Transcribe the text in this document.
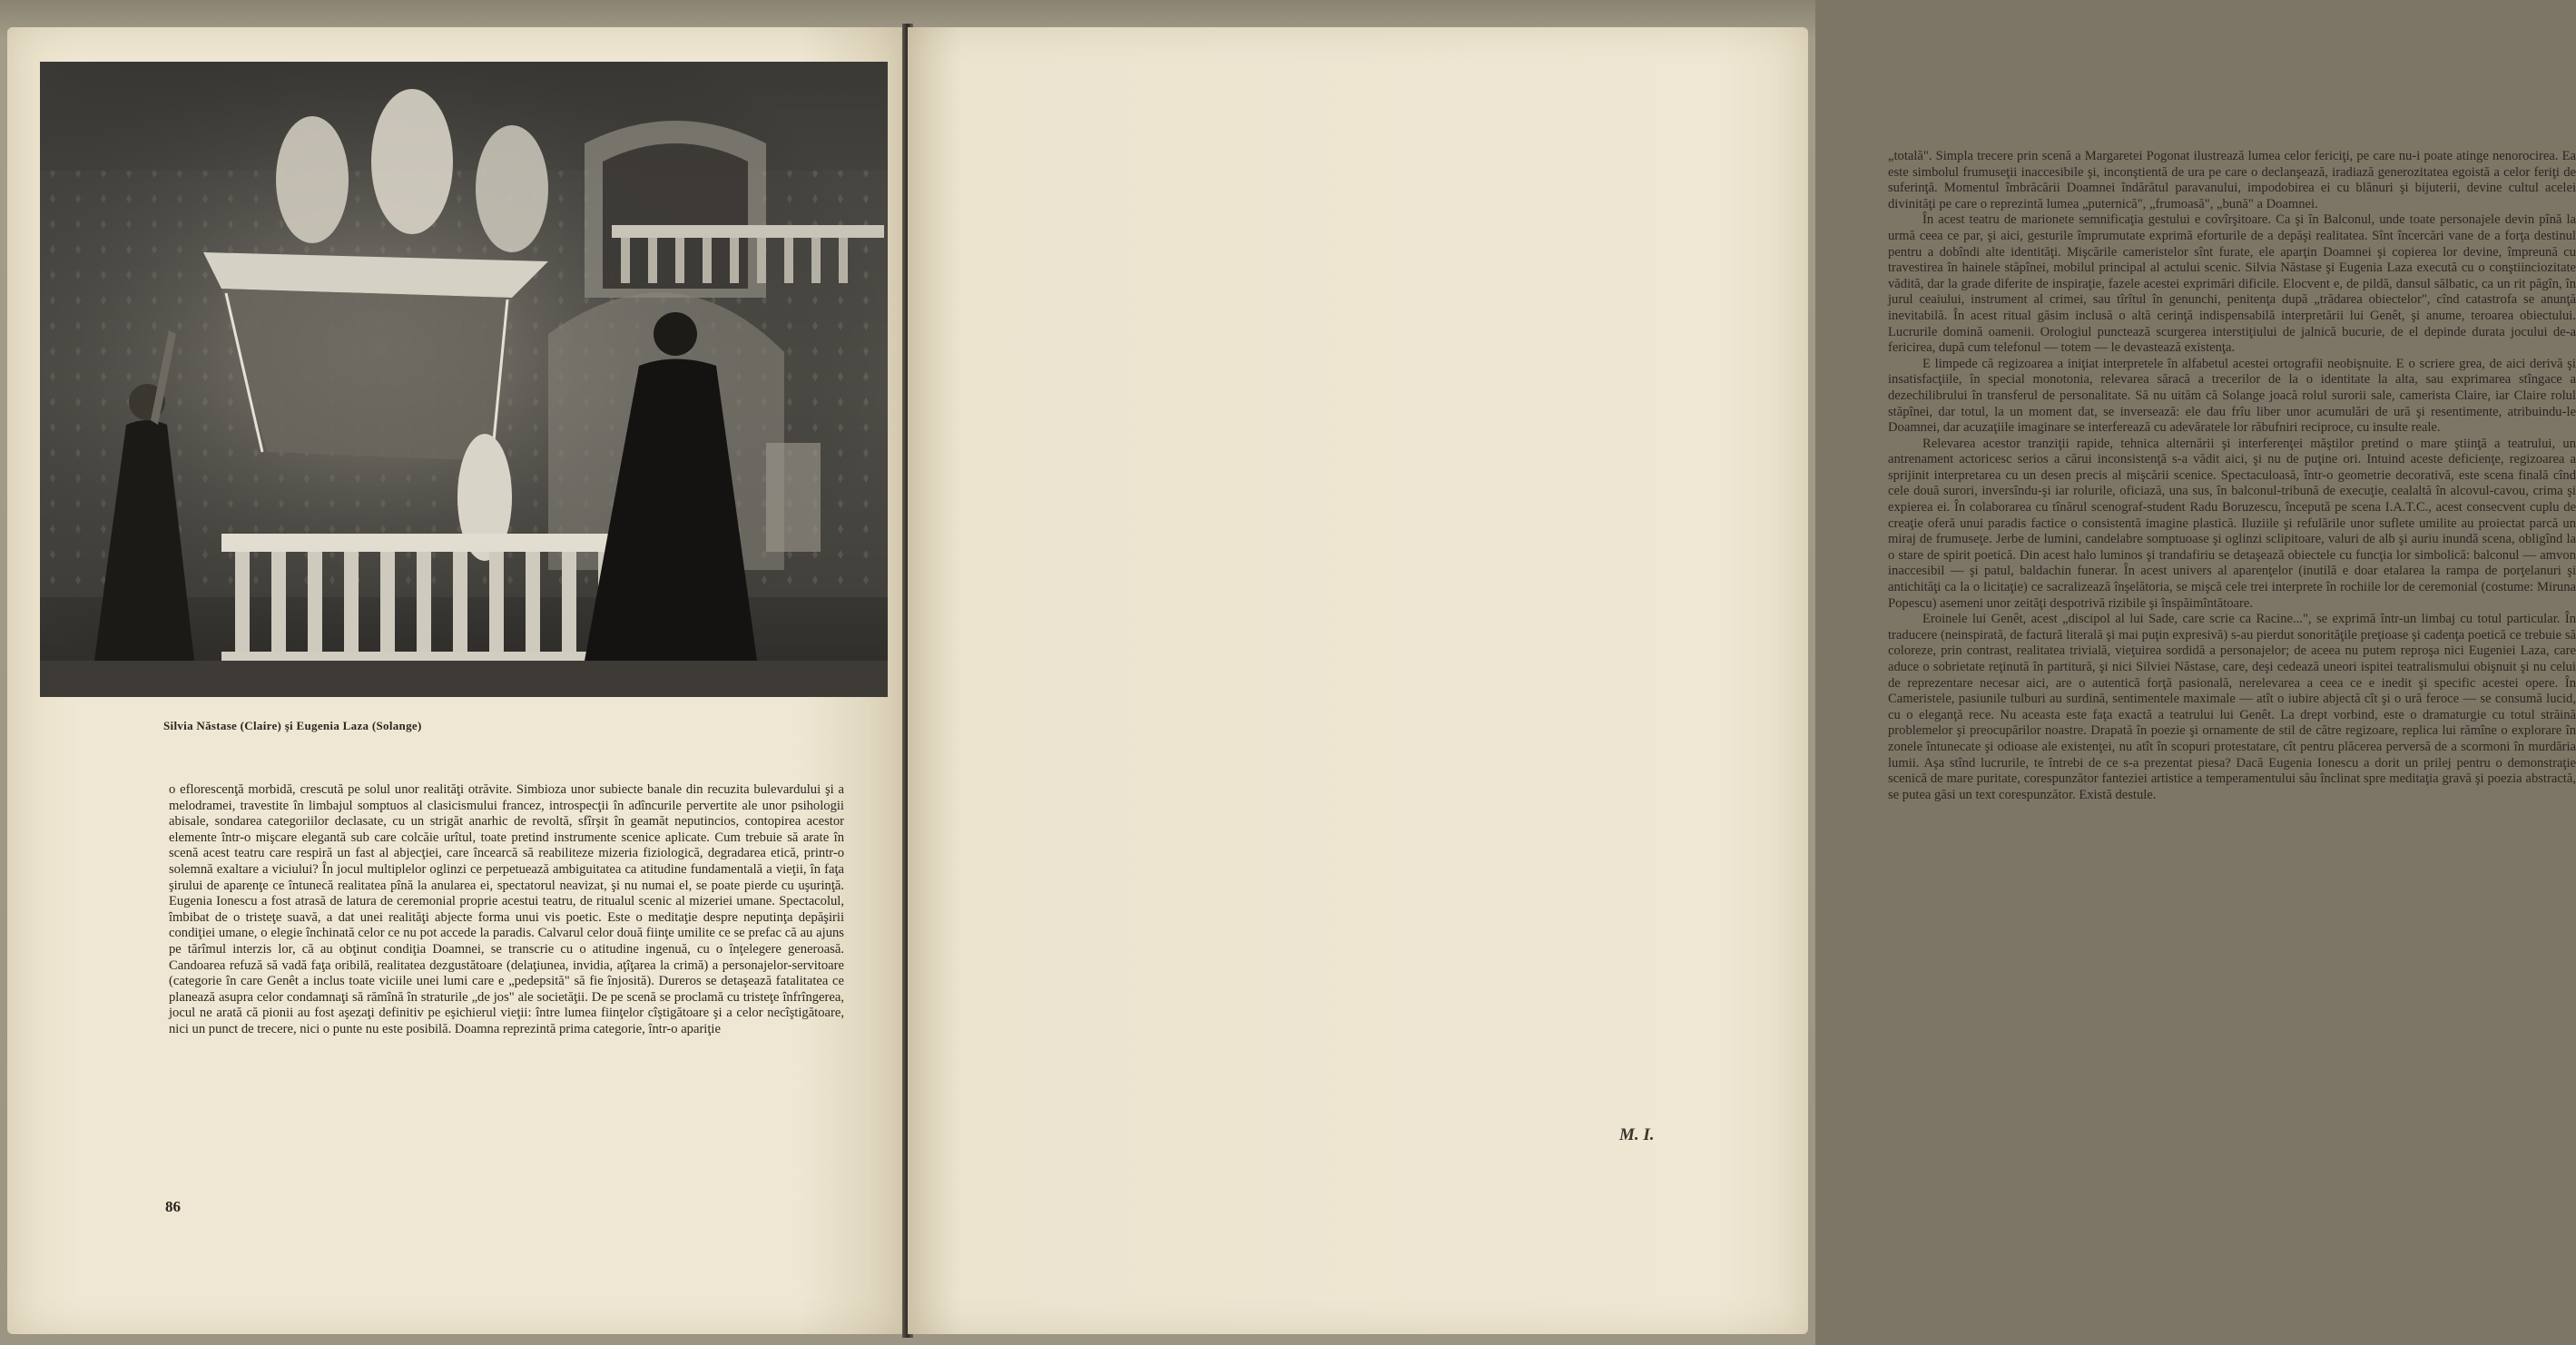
Silvia Năstase (Claire) şi Eugenia Laza (Solange)

o eflorescenţă morbidă, crescută pe solul unor realităţi otrăvite. Simbioza unor subiecte banale din recuzita bulevardului şi a melodramei, travestite în limbajul somptuos al clasicismului francez, introspecţii în adîncurile pervertite ale unor psihologii abisale, sondarea categoriilor declasate, cu un strigăt anarhic de revoltă, sfîrşit în geamăt neputincios, contopirea acestor elemente într-o mişcare elegantă sub care colcăie urîtul, toate pretind instrumente scenice aplicate. Cum trebuie să arate în scenă acest teatru care respiră un fast al abjecţiei, care încearcă să reabiliteze mizeria fiziologică, degradarea etică, printr-o solemnă exaltare a viciului? În jocul multiplelor oglinzi ce perpetuează ambiguitatea ca atitudine fundamentală a vieţii, în faţa şirului de aparenţe ce întunecă realitatea pînă la anularea ei, spectatorul neavizat, şi nu numai el, se poate pierde cu uşurinţă. Eugenia Ionescu a fost atrasă de latura de ceremonial proprie acestui teatru, de ritualul scenic al mizeriei umane. Spectacolul, îmbibat de o tristeţe suavă, a dat unei realităţi abjecte forma unui vis poetic. Este o meditaţie despre neputinţa depăşirii condiţiei umane, o elegie închinată celor ce nu pot accede la paradis. Calvarul celor două fiinţe umilite ce se prefac că au ajuns pe tărîmul interzis lor, că au obţinut condiţia Doamnei, se transcrie cu o atitudine ingenuă, cu o înţelegere generoasă. Candoarea refuză să vadă faţa oribilă, realitatea dezgustătoare (delaţiunea, invidia, aţîţarea la crimă) a personajelor-servitoare (categorie în care Genêt a inclus toate viciile unei lumi care e „pedepsită" să fie înjosită). Dureros se detaşează fatalitatea ce planează asupra celor condamnaţi să rămînă în straturile „de jos" ale societăţii. De pe scenă se proclamă cu tristeţe înfrîngerea, jocul ne arată că pionii au fost aşezaţi definitiv pe eşichierul vieţii: între lumea fiinţelor cîştigătoare şi a celor necîştigătoare, nici un punct de trecere, nici o punte nu este posibilă. Doamna reprezintă prima categorie, într-o apariţie

86

„totală". Simpla trecere prin scenă a Margaretei Pogonat ilustrează lumea celor fericiţi, pe care nu-i poate atinge nenorocirea. Ea este simbolul frumuseţii inaccesibile şi, inconştientă de ura pe care o declanşează, iradiază generozitatea egoistă a celor feriţi de suferinţă. Momentul îmbrăcării Doamnei îndărătul paravanului, impodobirea ei cu blănuri şi bijuterii, devine cultul acelei divinităţi pe care o reprezintă lumea „puternică", „frumoasă", „bună" a Doamnei.

În acest teatru de marionete semnificaţia gestului e covîrşitoare. Ca şi în Balconul, unde toate personajele devin pînă la urmă ceea ce par, şi aici, gesturile împrumutate exprimă eforturile de a depăşi realitatea. Sînt încercări vane de a forţa destinul pentru a dobîndi alte identităţi. Mişcările cameristelor sînt furate, ele aparţin Doamnei şi copierea lor devine, împreună cu travestirea în hainele stăpînei, mobilul principal al actului scenic. Silvia Năstase şi Eugenia Laza execută cu o conştiinciozitate vădită, dar la grade diferite de inspiraţie, fazele acestei exprimări dificile. Elocvent e, de pildă, dansul sălbatic, ca un rit păgîn, în jurul ceaiului, instrument al crimei, sau tîrîtul în genunchi, penitenţa după „trădarea obiectelor", cînd catastrofa se anunţă inevitabilă. În acest ritual găsim inclusă o altă cerinţă indispensabilă interpretării lui Genêt, şi anume, teroarea obiectului. Lucrurile domină oamenii. Orologiul punctează scurgerea interstiţiului de jalnică bucurie, de el depinde durata jocului de-a fericirea, după cum telefonul — totem — le devastează existenţa.

E limpede că regizoarea a iniţiat interpretele în alfabetul acestei ortografii neobişnuite. E o scriere grea, de aici derivă şi insatisfacţiile, în special monotonia, relevarea săracă a trecerilor de la o identitate la alta, sau exprimarea stîngace a dezechilibrului în transferul de personalitate. Să nu uităm că Solange joacă rolul surorii sale, camerista Claire, iar Claire rolul stăpînei, dar totul, la un moment dat, se inversează: ele dau frîu liber unor acumulări de ură şi resentimente, atribuindu-le Doamnei, dar acuzaţiile imaginare se interferează cu adevăratele lor răbufniri reciproce, cu insulte reale.

Relevarea acestor tranziţii rapide, tehnica alternării şi interferenţei măştilor pretind o mare ştiinţă a teatrului, un antrenament actoricesc serios a cărui inconsistenţă s-a vădit aici, şi nu de puţine ori. Intuind aceste deficienţe, regizoarea a sprijinit interpretarea cu un desen precis al mişcării scenice. Spectaculoasă, într-o geometrie decorativă, este scena finală cînd cele două surori, inversîndu-şi iar rolurile, oficiază, una sus, în balconul-tribună de execuţie, cealaltă în alcovul-cavou, crima şi expierea ei. În colaborarea cu tînărul scenograf-student Radu Boruzescu, începută pe scena I.A.T.C., acest consecvent cuplu de creaţie oferă unui paradis factice o consistentă imagine plastică. Iluziile şi refulările unor suflete umilite au proiectat parcă un miraj de frumuseţe. Jerbe de lumini, candelabre somptuoase şi oglinzi sclipitoare, valuri de alb şi auriu inundă scena, obligînd la o stare de spirit poetică. Din acest halo luminos şi trandafiriu se detaşează obiectele cu funcţia lor simbolică: balconul — amvon inaccesibil — şi patul, baldachin funerar. În acest univers al aparenţelor (inutilă e doar etalarea la rampa de porţelanuri şi antichităţi ca la o licitaţie) ce sacralizează înşelătoria, se mişcă cele trei interprete în rochiile lor de ceremonial (costume: Miruna Popescu) asemeni unor zeităţi despotrivă rizibile şi înspăimîntătoare.

Eroinele lui Genêt, acest „discipol al lui Sade, care scrie ca Racine...", se exprimă într-un limbaj cu totul particular. În traducere (neinspirată, de factură literală şi mai puţin expresivă) s-au pierdut sonorităţile preţioase şi cadenţa poetică ce trebuie să coloreze, prin contrast, realitatea trivială, vieţuirea sordidă a personajelor; de aceea nu putem reproşa nici Eugeniei Laza, care aduce o sobrietate reţinută în partitură, şi nici Silviei Năstase, care, deşi cedează uneori ispitei teatralismului obişnuit şi nu celui de reprezentare necesar aici, are o autentică forţă pasională, nerelevarea a ceea ce e inedit şi specific acestei opere. În Cameristele, pasiunile tulburi au surdină, sentimentele maximale — atît o iubire abjectă cît şi o ură feroce — se consumă lucid, cu o eleganţă rece. Nu aceasta este faţa exactă a teatrului lui Genêt. La drept vorbind, este o dramaturgie cu totul străină problemelor şi preocupărilor noastre. Drapată în poezie şi ornamente de stil de către regizoare, replica lui rămîne o explorare în zonele întunecate şi odioase ale existenţei, nu atît în scopuri protestatare, cît pentru plăcerea perversă de a scormoni în murdăria lumii. Aşa stînd lucrurile, te întrebi de ce s-a prezentat piesa? Dacă Eugenia Ionescu a dorit un prilej pentru o demonstraţie scenică de mare puritate, corespunzător fanteziei artistice a temperamentului său înclinat spre meditaţia gravă şi poezia abstractă, se putea găsi un text corespunzător. Există destule.

M. I.
